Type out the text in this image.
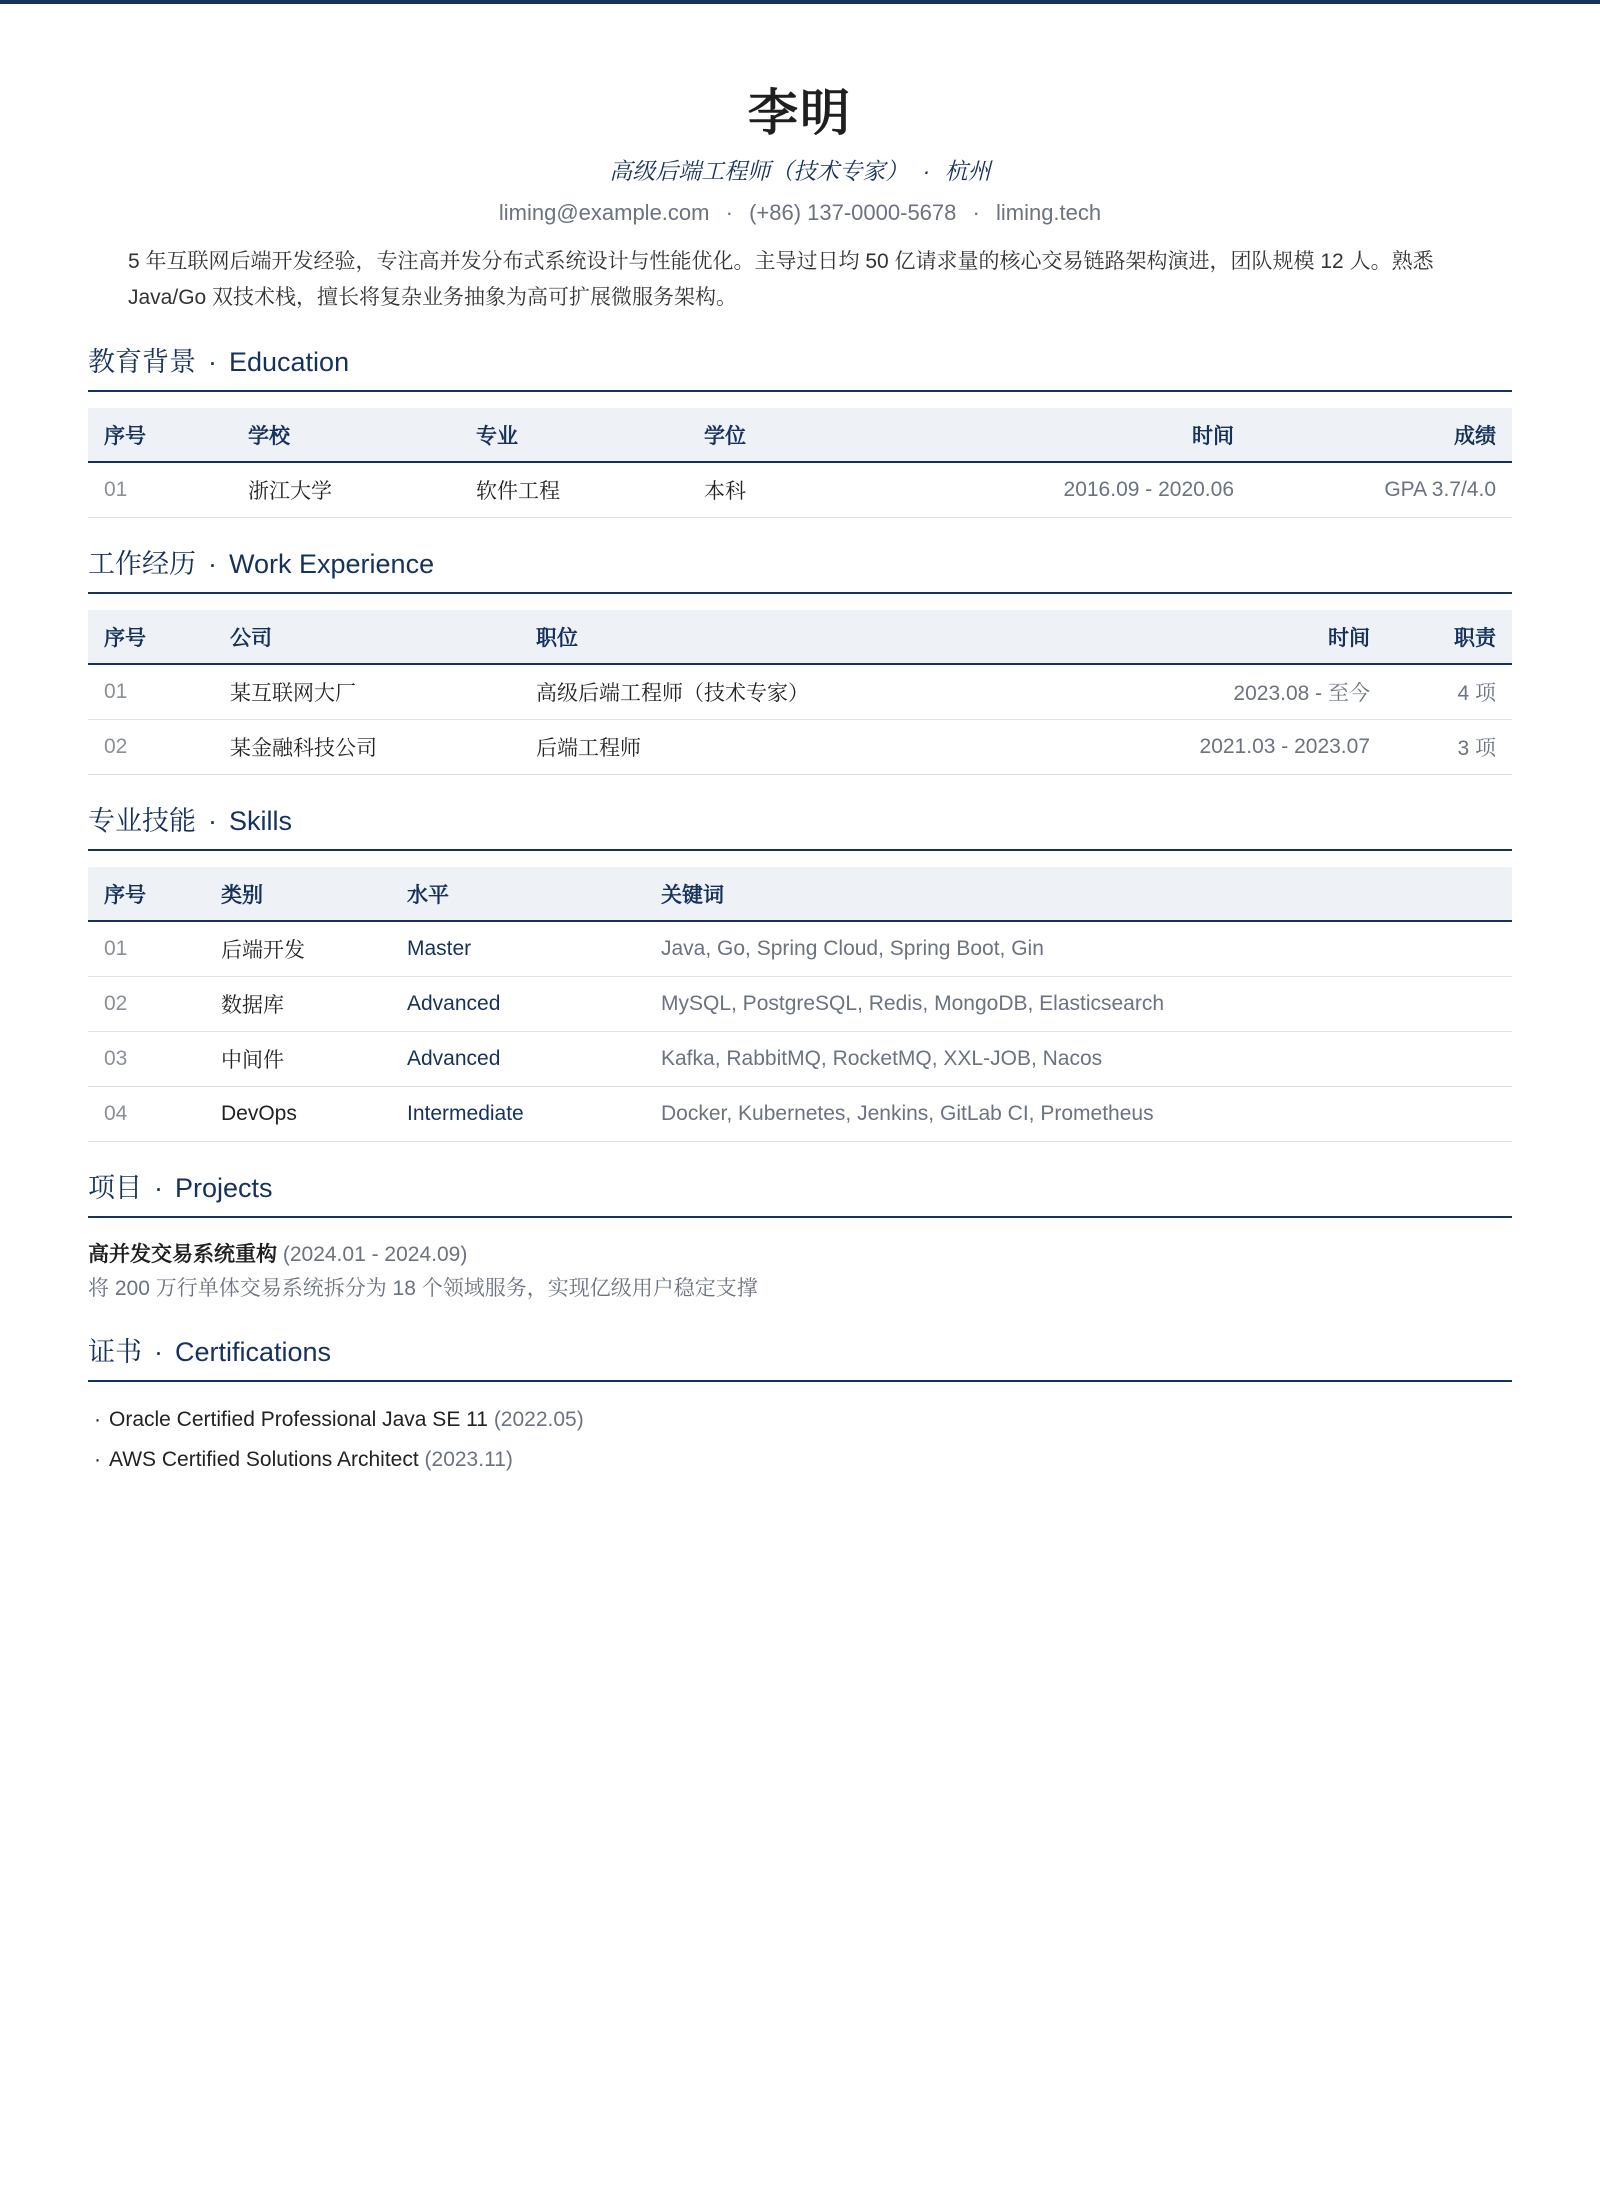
李明
高级后端工程师（技术专家） · 杭州
liming@example.com · (+86) 137-0000-5678 · liming.tech
5 年互联网后端开发经验，专注高并发分布式系统设计与性能优化。主导过日均 50 亿请求量的核心交易链路架构演进，团队规模 12 人。熟悉 Java/Go 双技术栈，擅长将复杂业务抽象为高可扩展微服务架构。
教育背景 · Education
序号	学校	专业	学位	时间	成绩
01	浙江大学	软件工程	本科	2016.09 - 2020.06	GPA 3.7/4.0
工作经历 · Work Experience
序号	公司	职位	时间	职责
01	某互联网大厂	高级后端工程师（技术专家）	2023.08 - 至今	4 项
02	某金融科技公司	后端工程师	2021.03 - 2023.07	3 项
专业技能 · Skills
序号	类别	水平	关键词
01	后端开发	Master	Java, Go, Spring Cloud, Spring Boot, Gin
02	数据库	Advanced	MySQL, PostgreSQL, Redis, MongoDB, Elasticsearch
03	中间件	Advanced	Kafka, RabbitMQ, RocketMQ, XXL-JOB, Nacos
04	DevOps	Intermediate	Docker, Kubernetes, Jenkins, GitLab CI, Prometheus
项目 · Projects
高并发交易系统重构 (2024.01 - 2024.09)
将 200 万行单体交易系统拆分为 18 个领域服务，实现亿级用户稳定支撑
证书 · Certifications
· Oracle Certified Professional Java SE 11 (2022.05)
· AWS Certified Solutions Architect (2023.11)
